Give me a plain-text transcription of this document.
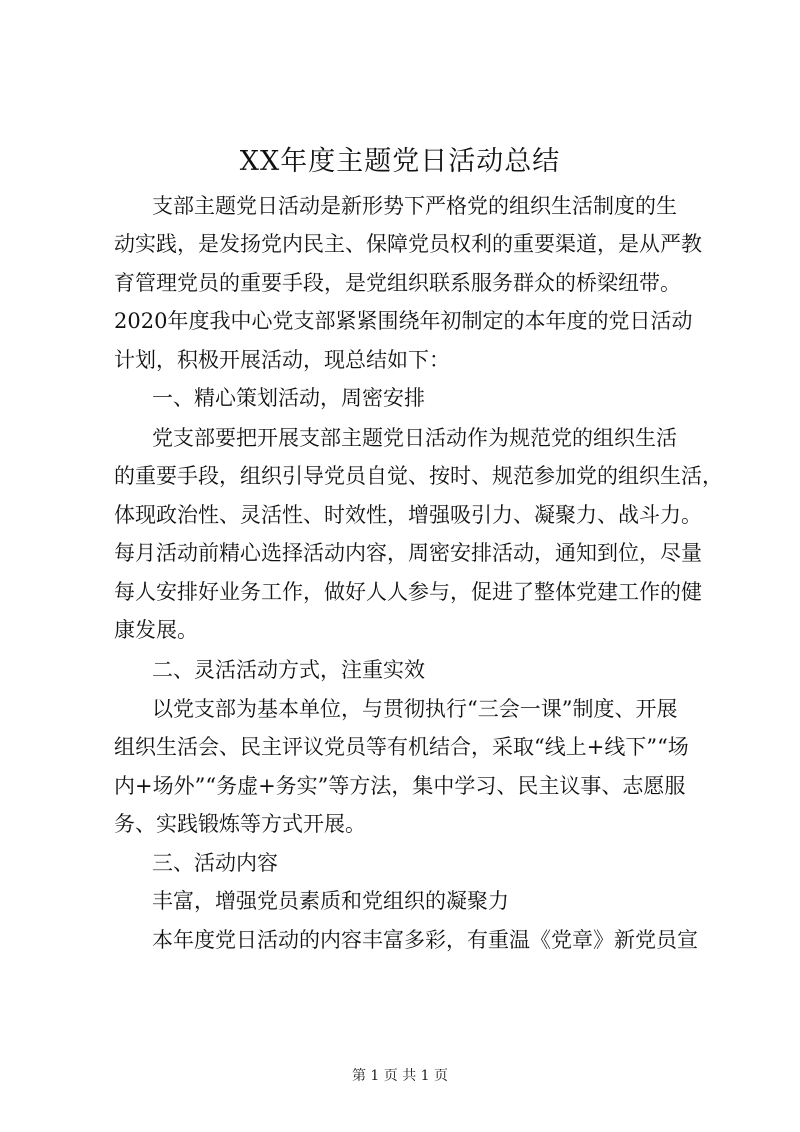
XX年度主题党日活动总结

支部主题党日活动是新形势下严格党的组织生活制度的生

动实践，是发扬党内民主、保障党员权利的重要渠道，是从严教

育管理党员的重要手段，是党组织联系服务群众的桥梁纽带。

2020年度我中心党支部紧紧围绕年初制定的本年度的党日活动

计划，积极开展活动，现总结如下：

一、精心策划活动，周密安排

党支部要把开展支部主题党日活动作为规范党的组织生活

的重要手段，组织引导党员自觉、按时、规范参加党的组织生活，

体现政治性、灵活性、时效性，增强吸引力、凝聚力、战斗力。

每月活动前精心选择活动内容，周密安排活动，通知到位，尽量

每人安排好业务工作，做好人人参与，促进了整体党建工作的健

康发展。

二、灵活活动方式，注重实效

以党支部为基本单位，与贯彻执行“三会一课”制度、开展

组织生活会、民主评议党员等有机结合，采取“线上+线下”“场

内+场外”“务虚+务实”等方法，集中学习、民主议事、志愿服

务、实践锻炼等方式开展。

三、活动内容

丰富，增强党员素质和党组织的凝聚力

本年度党日活动的内容丰富多彩，有重温《党章》新党员宣

第 1 页 共 1 页
